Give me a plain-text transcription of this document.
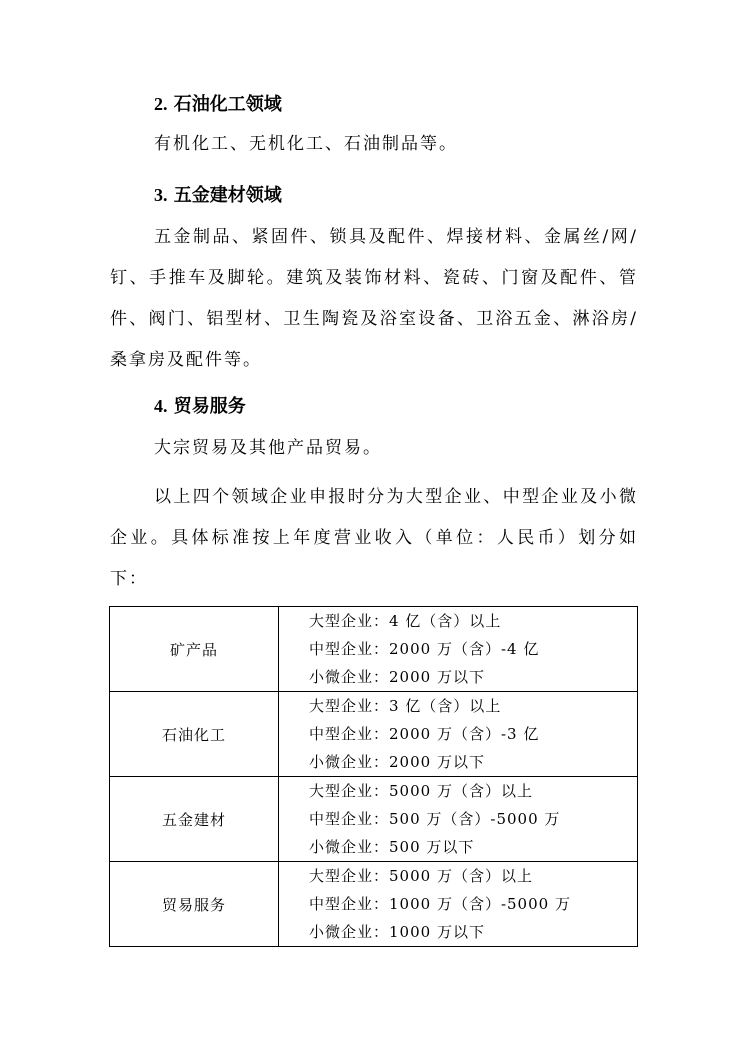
2. 石油化工领域
有机化工、无机化工、石油制品等。
3. 五金建材领域
五金制品、紧固件、锁具及配件、焊接材料、金属丝/网/钉、手推车及脚轮。建筑及装饰材料、瓷砖、门窗及配件、管件、阀门、铝型材、卫生陶瓷及浴室设备、卫浴五金、淋浴房/桑拿房及配件等。
4. 贸易服务
大宗贸易及其他产品贸易。
以上四个领域企业申报时分为大型企业、中型企业及小微企业。具体标准按上年度营业收入（单位：人民币）划分如下：
矿产品	大型企业：4 亿（含）以上
中型企业：2000 万（含）-4 亿
小微企业：2000 万以下

石油化工	大型企业：3 亿（含）以上
中型企业：2000 万（含）-3 亿
小微企业：2000 万以下

五金建材	大型企业：5000 万（含）以上
中型企业：500 万（含）-5000 万
小微企业：500 万以下

贸易服务	大型企业：5000 万（含）以上
中型企业：1000 万（含）-5000 万
小微企业：1000 万以下
